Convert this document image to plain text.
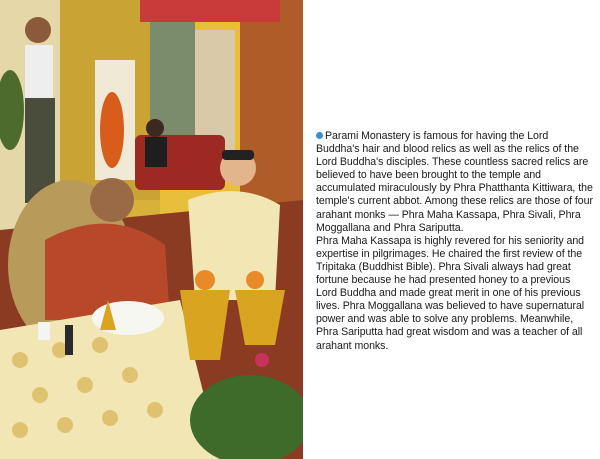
Parami Monastery is famous for having the Lord Buddha's hair and blood relics as well as the relics of the Lord Buddha's disciples. These countless sacred relics are believed to have been brought to the temple and accumulated miraculously by Phra Phatthanta Kittiwara, the temple's current abbot. Among these relics are those of four arahant monks — Phra Maha Kassapa, Phra Sivali, Phra Moggallana and Phra Sariputta.

Phra Maha Kassapa is highly revered for his seniority and expertise in pilgrimages. He chaired the first review of the Tripitaka (Buddhist Bible). Phra Sivali always had great fortune because he had presented honey to a previous Lord Buddha and made great merit in one of his previous lives. Phra Moggallana was believed to have supernatural power and was able to solve any problems. Meanwhile, Phra Sariputta had great wisdom and was a teacher of all arahant monks.
